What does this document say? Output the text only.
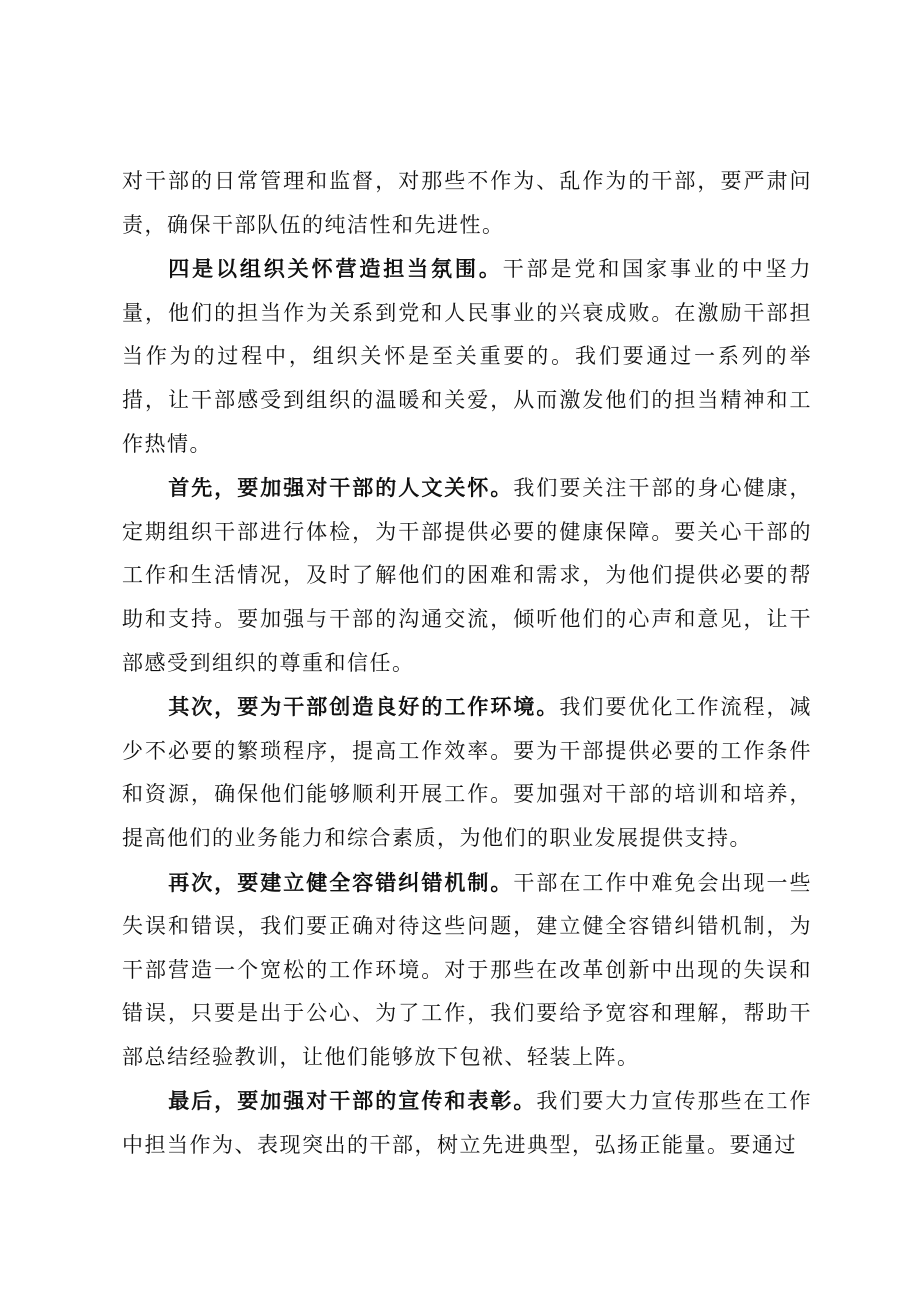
对干部的日常管理和监督，对那些不作为、乱作为的干部，要严肃问责，确保干部队伍的纯洁性和先进性。

四是以组织关怀营造担当氛围。干部是党和国家事业的中坚力量，他们的担当作为关系到党和人民事业的兴衰成败。在激励干部担当作为的过程中，组织关怀是至关重要的。我们要通过一系列的举措，让干部感受到组织的温暖和关爱，从而激发他们的担当精神和工作热情。

首先，要加强对干部的人文关怀。我们要关注干部的身心健康，定期组织干部进行体检，为干部提供必要的健康保障。要关心干部的工作和生活情况，及时了解他们的困难和需求，为他们提供必要的帮助和支持。要加强与干部的沟通交流，倾听他们的心声和意见，让干部感受到组织的尊重和信任。

其次，要为干部创造良好的工作环境。我们要优化工作流程，减少不必要的繁琐程序，提高工作效率。要为干部提供必要的工作条件和资源，确保他们能够顺利开展工作。要加强对干部的培训和培养，提高他们的业务能力和综合素质，为他们的职业发展提供支持。

再次，要建立健全容错纠错机制。干部在工作中难免会出现一些失误和错误，我们要正确对待这些问题，建立健全容错纠错机制，为干部营造一个宽松的工作环境。对于那些在改革创新中出现的失误和错误，只要是出于公心、为了工作，我们要给予宽容和理解，帮助干部总结经验教训，让他们能够放下包袱、轻装上阵。

最后，要加强对干部的宣传和表彰。我们要大力宣传那些在工作中担当作为、表现突出的干部，树立先进典型，弘扬正能量。要通过
